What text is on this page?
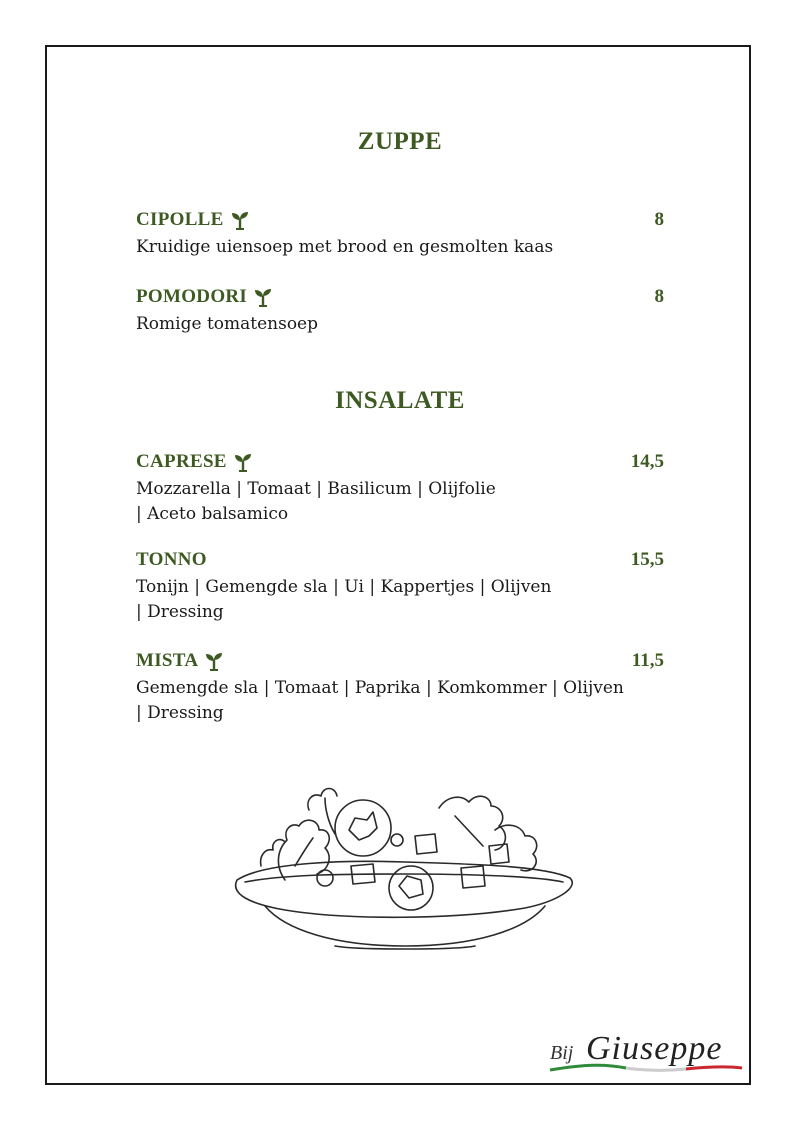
ZUPPE
CIPOLLE	8
Kruidige uiensoep met brood en gesmolten kaas
POMODORI	8
Romige tomatensoep
INSALATE
CAPRESE	14,5
Mozzarella | Tomaat | Basilicum | Olijfolie
| Aceto balsamico
TONNO	15,5
Tonijn | Gemengde sla | Ui | Kappertjes | Olijven
| Dressing
MISTA	11,5
Gemengde sla | Tomaat | Paprika | Komkommer | Olijven
| Dressing
Bij Giuseppe
